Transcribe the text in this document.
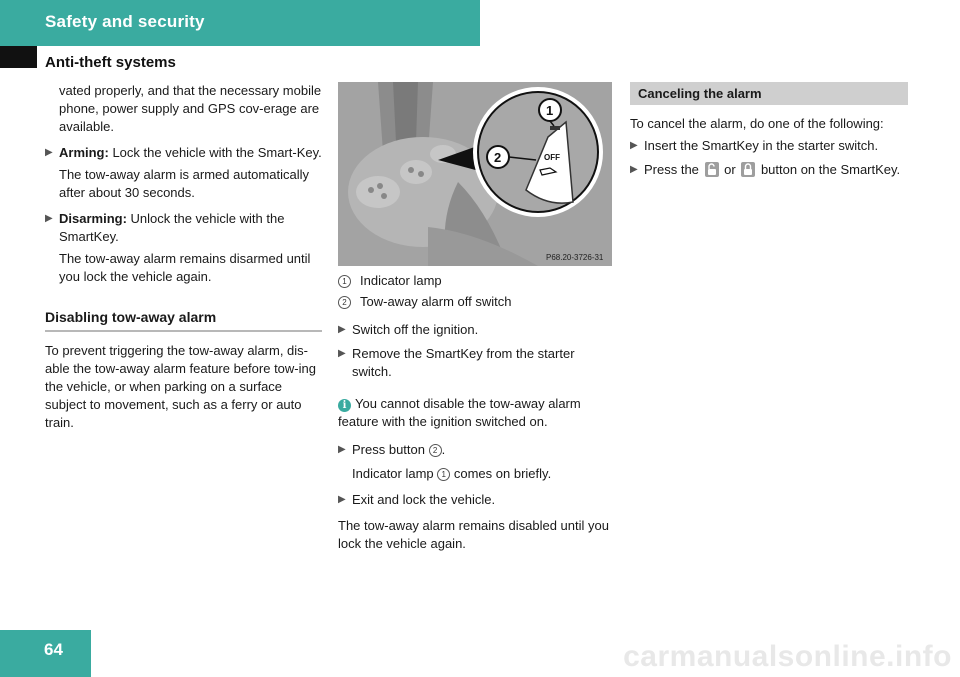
Safety and security
Anti-theft systems

vated properly, and that the necessary mobile phone, power supply and GPS cov-erage are available.

▶ Arming: Lock the vehicle with the Smart-Key.

The tow-away alarm is armed automatically after about 30 seconds.

▶ Disarming: Unlock the vehicle with the SmartKey.

The tow-away alarm remains disarmed until you lock the vehicle again.

Disabling tow-away alarm

To prevent triggering the tow-away alarm, dis-able the tow-away alarm feature before tow-ing the vehicle, or when parking on a surface subject to movement, such as a ferry or auto train.

OFF
1
2
P68.20-3726-31

1	Indicator lamp

2	Tow-away alarm off switch

▶ Switch off the ignition.

▶ Remove the SmartKey from the starter switch.

i You cannot disable the tow-away alarm feature with the ignition switched on.

▶ Press button 2 .

Indicator lamp 1 comes on briefly.

▶ Exit and lock the vehicle.

The tow-away alarm remains disabled until you lock the vehicle again.

Canceling the alarm

To cancel the alarm, do one of the following:

▶ Insert the SmartKey in the starter switch.

▶ Press the
or
button on the SmartKey.

64	carmanualsonline.info
